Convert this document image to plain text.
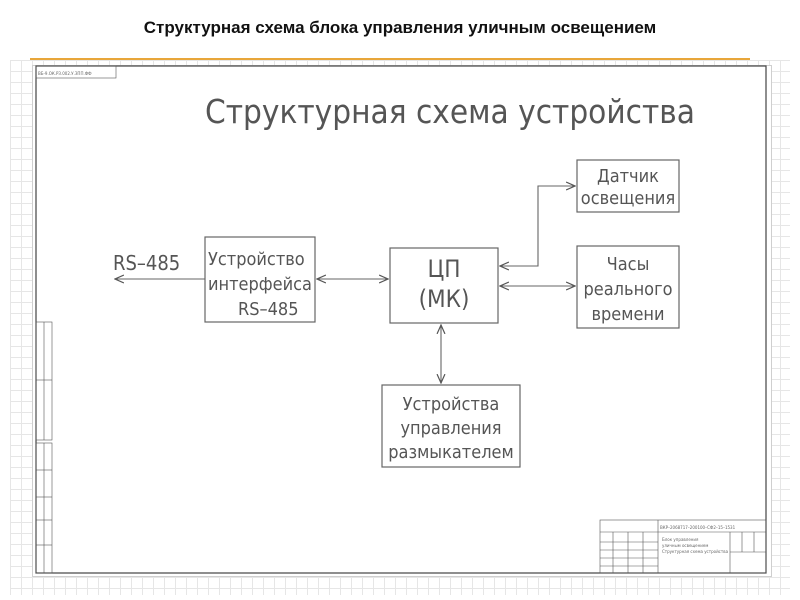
Структурная схема блока управления уличным освещением
ВБ-9.ОК.РЗ.002.У.ЗПП.ФФ
Структурная схема устройства
ЦП
(МК)
Устройство
интерфейса
RS–485
Датчик
освещения
Часы
реального
времени
Устройства
управления
размыкателем
RS–485
ВКР–2068717–200100–СФ2–15–1531
Блок управления
уличным освещением
Структурная схема устройства
